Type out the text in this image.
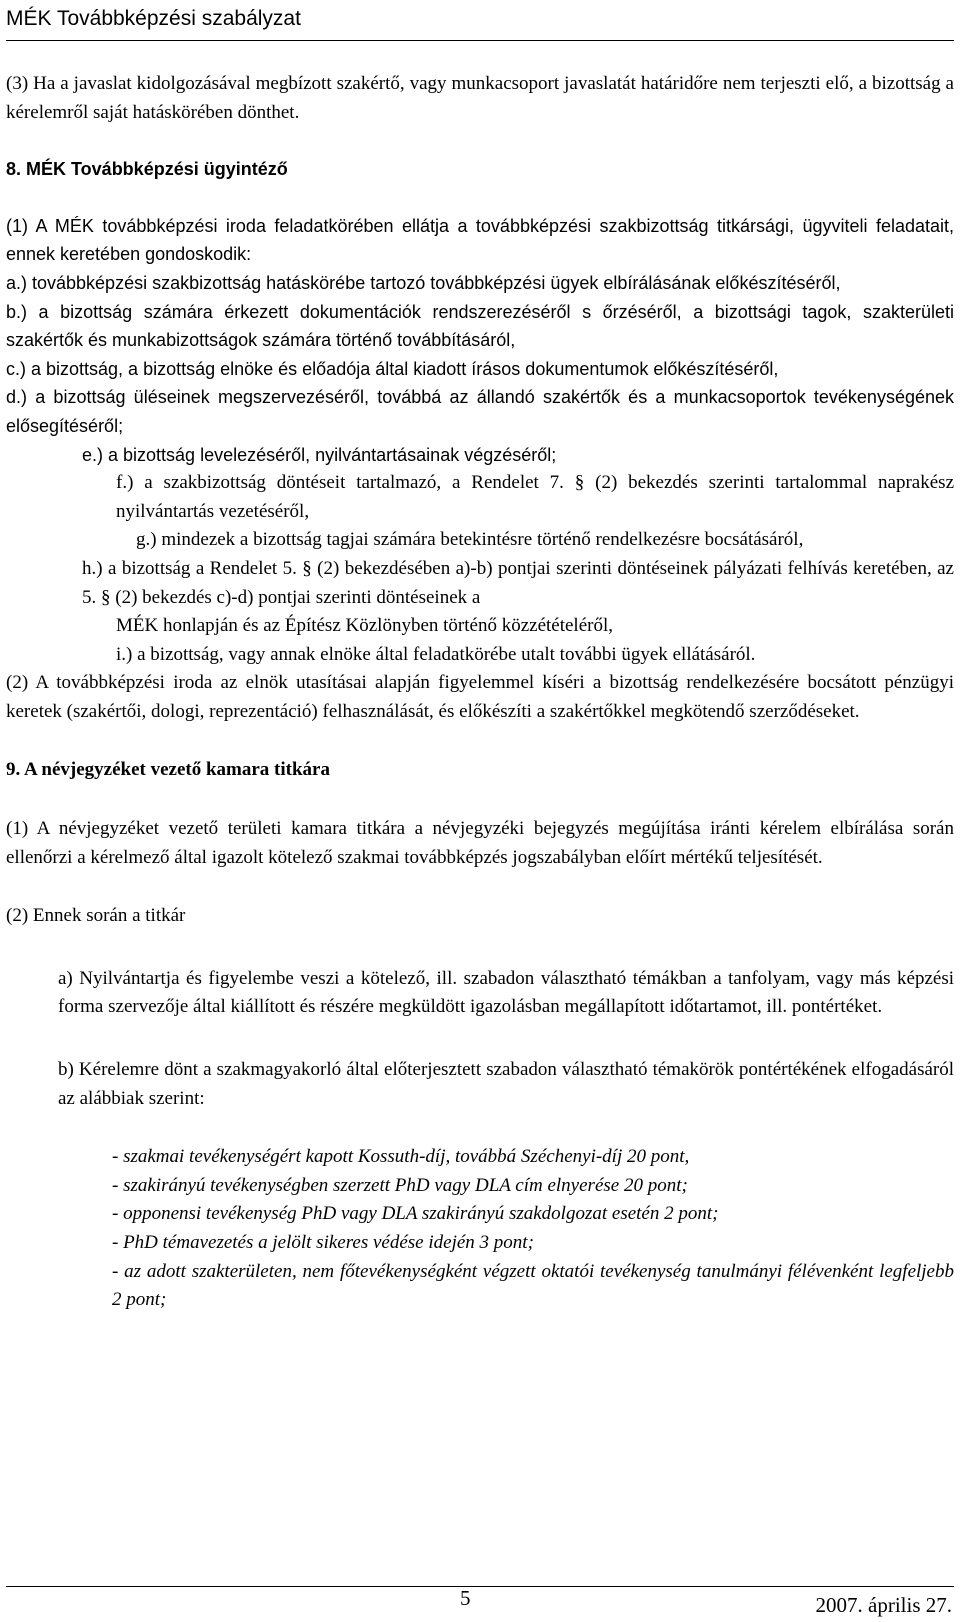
MÉK Továbbképzési szabályzat

(3) Ha a javaslat kidolgozásával megbízott szakértő, vagy munkacsoport javaslatát határidőre nem terjeszti elő, a bizottság a kérelemről saját hatáskörében dönthet.

8. MÉK Továbbképzési ügyintéző

(1) A MÉK továbbképzési iroda feladatkörében ellátja a továbbképzési szakbizottság titkársági, ügyviteli feladatait, ennek keretében gondoskodik:

a.) továbbképzési szakbizottság hatáskörébe tartozó továbbképzési ügyek elbírálásának előkészítéséről,

b.) a bizottság számára érkezett dokumentációk rendszerezéséről s őrzéséről, a bizottsági tagok, szakterületi szakértők és munkabizottságok számára történő továbbításáról,

c.) a bizottság, a bizottság elnöke és előadója által kiadott írásos dokumentumok előkészítéséről,

d.) a bizottság üléseinek megszervezéséről, továbbá az állandó szakértők és a munkacsoportok tevékenységének elősegítéséről;

e.) a bizottság levelezéséről, nyilvántartásainak végzéséről;

f.) a szakbizottság döntéseit tartalmazó, a Rendelet 7. § (2) bekezdés szerinti tartalommal naprakész nyilvántartás vezetéséről,

g.) mindezek a bizottság tagjai számára betekintésre történő rendelkezésre bocsátásáról,

h.) a bizottság a Rendelet 5. § (2) bekezdésében a)-b) pontjai szerinti döntéseinek pályázati felhívás keretében, az 5. § (2) bekezdés c)-d) pontjai szerinti döntéseinek a

MÉK honlapján és az Építész Közlönyben történő közzétételéről,

i.) a bizottság, vagy annak elnöke által feladatkörébe utalt további ügyek ellátásáról.

(2) A továbbképzési iroda az elnök utasításai alapján figyelemmel kíséri a bizottság rendelkezésére bocsátott pénzügyi keretek (szakértői, dologi, reprezentáció) felhasználását, és előkészíti a szakértőkkel megkötendő szerződéseket.

9. A névjegyzéket vezető kamara titkára

(1) A névjegyzéket vezető területi kamara titkára a névjegyzéki bejegyzés megújítása iránti kérelem elbírálása során ellenőrzi a kérelmező által igazolt kötelező szakmai továbbképzés jogszabályban előírt mértékű teljesítését.

(2) Ennek során a titkár

a) Nyilvántartja és figyelembe veszi a kötelező, ill. szabadon választható témákban a tanfolyam, vagy más képzési forma szervezője által kiállított és részére megküldött igazolásban megállapított időtartamot, ill. pontértéket.

b) Kérelemre dönt a szakmagyakorló által előterjesztett szabadon választható témakörök pontértékének elfogadásáról az alábbiak szerint:

- szakmai tevékenységért kapott Kossuth-díj, továbbá Széchenyi-díj 20 pont,

- szakirányú tevékenységben szerzett PhD vagy DLA cím elnyerése 20 pont;

- opponensi tevékenység PhD vagy DLA szakirányú szakdolgozat esetén 2 pont;

- PhD témavezetés a jelölt sikeres védése idején 3 pont;

- az adott szakterületen, nem főtevékenységként végzett oktatói tevékenység tanulmányi félévenként legfeljebb 2 pont;

5	2007. április 27.
